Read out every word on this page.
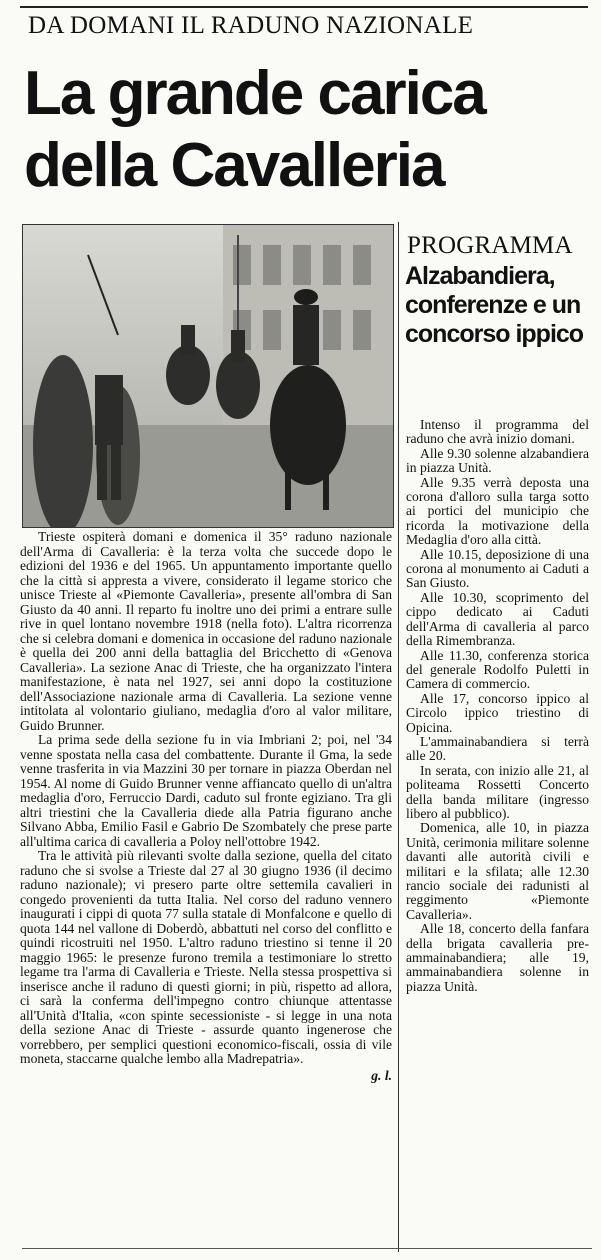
DA DOMANI IL RADUNO NAZIONALE
La grande carica
della Cavalleria

Trieste ospiterà domani e domenica il 35° raduno nazionale dell'Arma di Cavalleria: è la terza volta che succede dopo le edizioni del 1936 e del 1965. Un appuntamento importante quello che la città si appresta a vivere, considerato il legame storico che unisce Trieste al «Piemonte Cavalleria», presente all'ombra di San Giusto da 40 anni. Il reparto fu inoltre uno dei primi a entrare sulle rive in quel lontano novembre 1918 (nella foto). L'altra ricorrenza che si celebra domani e domenica in occasione del raduno nazionale è quella dei 200 anni della battaglia del Bricchetto di «Genova Cavalleria». La sezione Anac di Trieste, che ha organizzato l'intera manifestazione, è nata nel 1927, sei anni dopo la costituzione dell'Associazione nazionale arma di Cavalleria. La sezione venne intitolata al volontario giuliano, medaglia d'oro al valor militare, Guido Brunner.

La prima sede della sezione fu in via Imbriani 2; poi, nel '34 venne spostata nella casa del combattente. Durante il Gma, la sede venne trasferita in via Mazzini 30 per tornare in piazza Oberdan nel 1954. Al nome di Guido Brunner venne affiancato quello di un'altra medaglia d'oro, Ferruccio Dardi, caduto sul fronte egiziano. Tra gli altri triestini che la Cavalleria diede alla Patria figurano anche Silvano Abba, Emilio Fasil e Gabrio De Szombately che prese parte all'ultima carica di cavalleria a Poloy nell'ottobre 1942.

Tra le attività più rilevanti svolte dalla sezione, quella del citato raduno che si svolse a Trieste dal 27 al 30 giugno 1936 (il decimo raduno nazionale); vi presero parte oltre settemila cavalieri in congedo provenienti da tutta Italia. Nel corso del raduno vennero inaugurati i cippi di quota 77 sulla statale di Monfalcone e quello di quota 144 nel vallone di Doberdò, abbattuti nel corso del conflitto e quindi ricostruiti nel 1950. L'altro raduno triestino si tenne il 20 maggio 1965: le presenze furono tremila a testimoniare lo stretto legame tra l'arma di Cavalleria e Trieste. Nella stessa prospettiva si inserisce anche il raduno di questi giorni; in più, rispetto ad allora, ci sarà la conferma dell'impegno contro chiunque attentasse all'Unità d'Italia, «con spinte secessioniste - si legge in una nota della sezione Anac di Trieste - assurde quanto ingenerose che vorrebbero, per semplici questioni economico-fiscali, ossia di vile moneta, staccarne qualche lembo alla Madrepatria».

g. l.
PROGRAMMA
Alzabandiera, conferenze e un concorso ippico

Intenso il programma del raduno che avrà inizio domani.

Alle 9.30 solenne alzabandiera in piazza Unità.

Alle 9.35 verrà deposta una corona d'alloro sulla targa sotto ai portici del municipio che ricorda la motivazione della Medaglia d'oro alla città.

Alle 10.15, deposizione di una corona al monumento ai Caduti a San Giusto.

Alle 10.30, scoprimento del cippo dedicato ai Caduti dell'Arma di cavalleria al parco della Rimembranza.

Alle 11.30, conferenza storica del generale Rodolfo Puletti in Camera di commercio.

Alle 17, concorso ippico al Circolo ippico triestino di Opicina.

L'ammainabandiera si terrà alle 20.

In serata, con inizio alle 21, al politeama Rossetti Concerto della banda militare (ingresso libero al pubblico).

Domenica, alle 10, in piazza Unità, cerimonia militare solenne davanti alle autorità civili e militari e la sfilata; alle 12.30 rancio sociale dei radunisti al reggimento «Piemonte Cavalleria».

Alle 18, concerto della fanfara della brigata cavalleria pre-ammainabandiera; alle 19, ammainabandiera solenne in piazza Unità.
